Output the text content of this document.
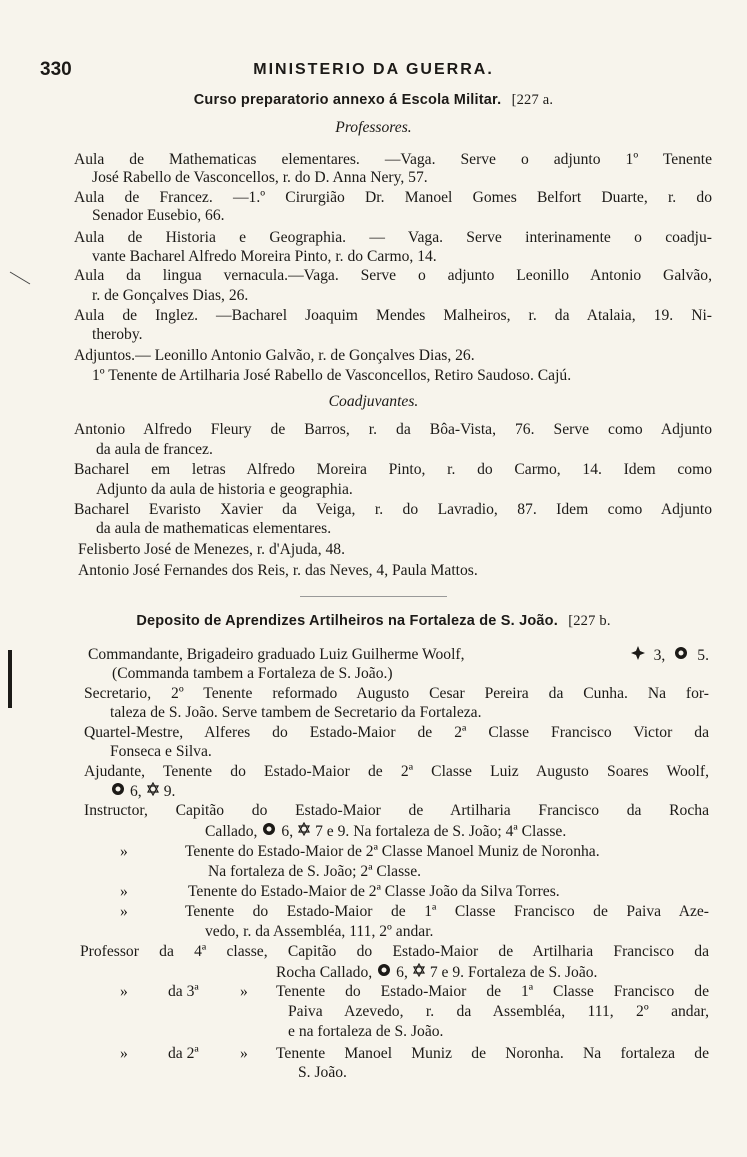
330	MINISTERIO DA GUERRA.
Curso preparatorio annexo á Escola Militar. [227 a.
Professores.
Aula de Mathematicas elementares. —Vaga. Serve o adjunto 1º Tenente
José Rabello de Vasconcellos, r. do D. Anna Nery, 57.
Aula de Francez. —1.º Cirurgião Dr. Manoel Gomes Belfort Duarte, r. do
Senador Eusebio, 66.
Aula de Historia e Geographia. — Vaga. Serve interinamente o coadju-
vante Bacharel Alfredo Moreira Pinto, r. do Carmo, 14.
Aula da lingua vernacula.—Vaga. Serve o adjunto Leonillo Antonio Galvão,
r. de Gonçalves Dias, 26.
Aula de Inglez. —Bacharel Joaquim Mendes Malheiros, r. da Atalaia, 19. Ni-
theroby.
Adjuntos.— Leonillo Antonio Galvão, r. de Gonçalves Dias, 26.
1º Tenente de Artilharia José Rabello de Vasconcellos, Retiro Saudoso. Cajú.
Coadjuvantes.
Antonio Alfredo Fleury de Barros, r. da Bôa-Vista, 76. Serve como Adjunto
da aula de francez.
Bacharel em letras Alfredo Moreira Pinto, r. do Carmo, 14. Idem como
Adjunto da aula de historia e geographia.
Bacharel Evaristo Xavier da Veiga, r. do Lavradio, 87. Idem como Adjunto
da aula de mathematicas elementares.
Felisberto José de Menezes, r. d'Ajuda, 48.
Antonio José Fernandes dos Reis, r. das Neves, 4, Paula Mattos.
Deposito de Aprendizes Artilheiros na Fortaleza de S. João. [227 b.
Commandante, Brigadeiro graduado Luiz Guilherme Woolf,	3, 5.
(Commanda tambem a Fortaleza de S. João.)
Secretario, 2º Tenente reformado Augusto Cesar Pereira da Cunha. Na for-
taleza de S. João. Serve tambem de Secretario da Fortaleza.
Quartel-Mestre, Alferes do Estado-Maior de 2ª Classe Francisco Victor da
Fonseca e Silva.
Ajudante, Tenente do Estado-Maior de 2ª Classe Luiz Augusto Soares Woolf,
6, 9.
Instructor, Capitão do Estado-Maior de Artilharia Francisco da Rocha
Callado, 6, 7 e 9. Na fortaleza de S. João; 4ª Classe.
»	Tenente do Estado-Maior de 2ª Classe Manoel Muniz de Noronha.
Na fortaleza de S. João; 2ª Classe.
»	Tenente do Estado-Maior de 2ª Classe João da Silva Torres.
»	Tenente do Estado-Maior de 1ª Classe Francisco de Paiva Aze-
vedo, r. da Assembléa, 111, 2º andar.
Professor da 4ª classe, Capitão do Estado-Maior de Artilharia Francisco da
Rocha Callado, 6, 7 e 9. Fortaleza de S. João.
»	da 3ª	»	Tenente do Estado-Maior de 1ª Classe Francisco de
Paiva Azevedo, r. da Assembléa, 111, 2º andar,
e na fortaleza de S. João.
»	da 2ª	»	Tenente Manoel Muniz de Noronha. Na fortaleza de
S. João.
